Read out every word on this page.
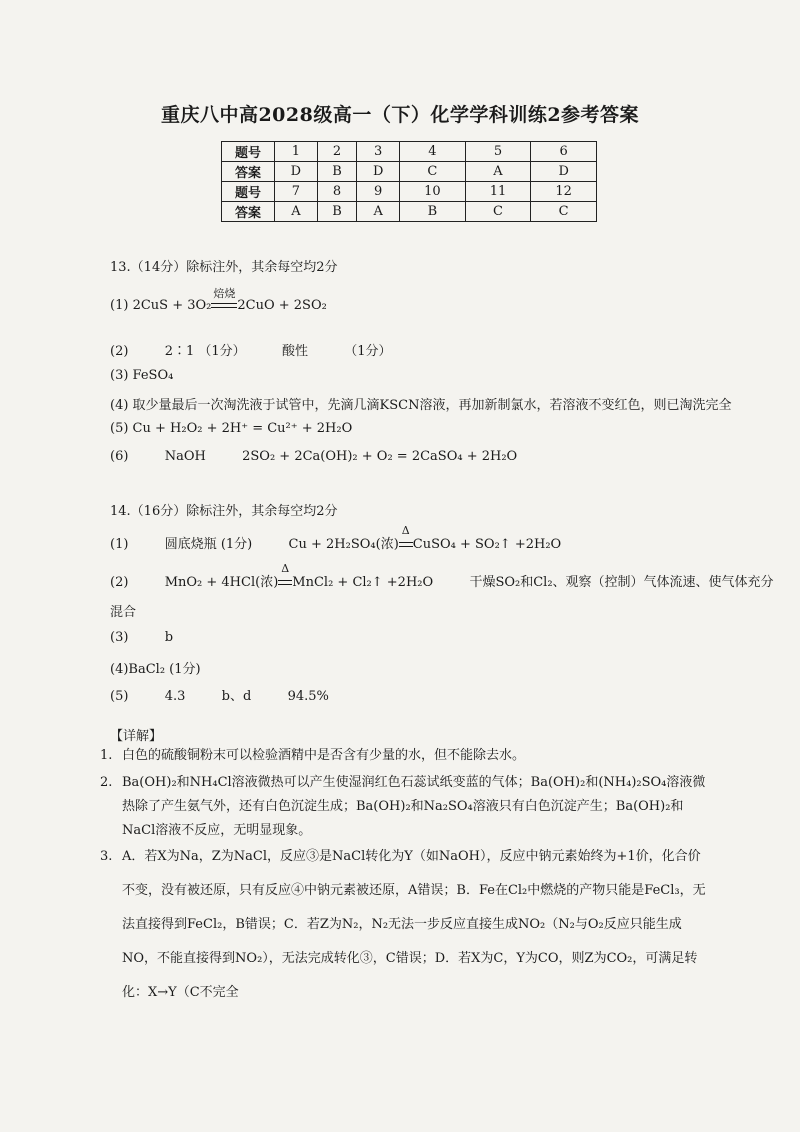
重庆八中高2028级高一（下）化学学科训练2参考答案
题号	1	2	3	4	5	6
答案	D	B	D	C	A	D
题号	7	8	9	10	11	12
答案	A	B	A	B	C	C
13.（14分）除标注外，其余每空均2分
(1) 2CuS + 3O₂
焙烧
2CuO + 2SO₂
(2)	2∶1 （1分）	酸性	（1分）
(3) FeSO₄
(4) 取少量最后一次淘洗液于试管中，先滴几滴KSCN溶液，再加新制氯水，若溶液不变红色，则已淘洗完全
(5) Cu + H₂O₂ + 2H⁺ = Cu²⁺ + 2H₂O
(6)	NaOH	2SO₂ + 2Ca(OH)₂ + O₂ = 2CaSO₄ + 2H₂O
14.（16分）除标注外，其余每空均2分
(1)	圆底烧瓶 (1分)	Cu + 2H₂SO₄(浓)
Δ
CuSO₄ + SO₂↑ +2H₂O
(2)	MnO₂ + 4HCl(浓)
Δ
MnCl₂ + Cl₂↑ +2H₂O	干燥SO₂和Cl₂、观察（控制）气体流速、使气体充分
混合
(3)	b
(4)BaCl₂ (1分)
(5)	4.3	b、d	94.5%
【详解】
1. 白色的硫酸铜粉末可以检验酒精中是否含有少量的水，但不能除去水。
2. Ba(OH)₂和NH₄Cl溶液微热可以产生使湿润红色石蕊试纸变蓝的气体；Ba(OH)₂和(NH₄)₂SO₄溶液微热除了产生氨气外，还有白色沉淀生成；Ba(OH)₂和Na₂SO₄溶液只有白色沉淀产生；Ba(OH)₂和NaCl溶液不反应，无明显现象。
3. A．若X为Na，Z为NaCl，反应③是NaCl转化为Y（如NaOH），反应中钠元素始终为+1价，化合价不变，没有被还原，只有反应④中钠元素被还原，A错误；B．Fe在Cl₂中燃烧的产物只能是FeCl₃，无法直接得到FeCl₂，B错误；C．若Z为N₂，N₂无法一步反应直接生成NO₂（N₂与O₂反应只能生成NO，不能直接得到NO₂），无法完成转化③，C错误；D．若X为C，Y为CO，则Z为CO₂，可满足转化：X→Y（C不完全
